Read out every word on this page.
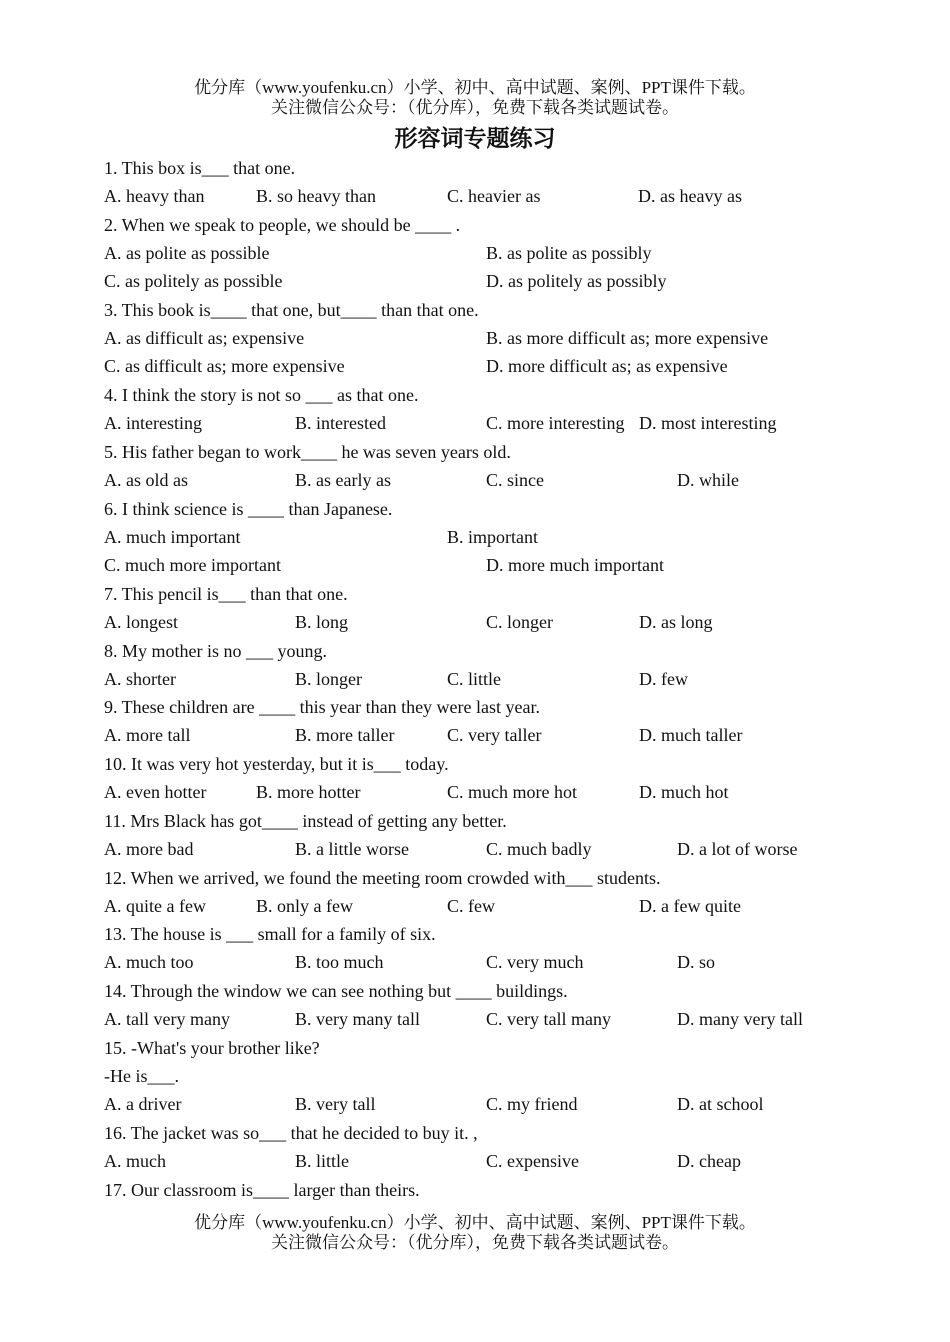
优分库（www.youfenku.cn）小学、初中、高中试题、案例、PPT课件下载。
关注微信公众号：（优分库），免费下载各类试题试卷。
形容词专题练习
1. This box is___ that one.
A. heavy than	B. so heavy than	C. heavier as	D. as heavy as
2. When we speak to people, we should be ____ .
A. as polite as possible	B. as polite as possibly
C. as politely as possible	D. as politely as possibly
3. This book is____ that one, but____ than that one.
A. as difficult as; expensive	B. as more difficult as; more expensive
C. as difficult as; more expensive	D. more difficult as; as expensive
4. I think the story is not so ___ as that one.
A. interesting	B. interested	C. more interesting D. most interesting
5. His father began to work____ he was seven years old.
A. as old as	B. as early as	C. since	D. while
6. I think science is ____ than Japanese.
A. much important	B. important
C. much more important	D. more much important
7. This pencil is___ than that one.
A. longest	B. long	C. longer	D. as long
8. My mother is no ___ young.
A. shorter	B. longer	C. little	D. few
9. These children are ____ this year than they were last year.
A. more tall	B. more taller	C. very taller	D. much taller
10. It was very hot yesterday, but it is___ today.
A. even hotter	B. more hotter	C. much more hot	D. much hot
11. Mrs Black has got____ instead of getting any better.
A. more bad	B. a little worse	C. much badly	D. a lot of worse
12. When we arrived, we found the meeting room crowded with___ students.
A. quite a few	B. only a few	C. few	D. a few quite
13. The house is ___ small for a family of six.
A. much too	B. too much	C. very much	D. so
14. Through the window we can see nothing but ____ buildings.
A. tall very many	B. very many tall	C. very tall many	D. many very tall
15. -What's your brother like?
-He is___.
A. a driver	B. very tall	C. my friend	D. at school
16. The jacket was so___ that he decided to buy it. ,
A. much	B. little	C. expensive	D. cheap
17. Our classroom is____ larger than theirs.
优分库（www.youfenku.cn）小学、初中、高中试题、案例、PPT课件下载。
关注微信公众号：（优分库），免费下载各类试题试卷。
